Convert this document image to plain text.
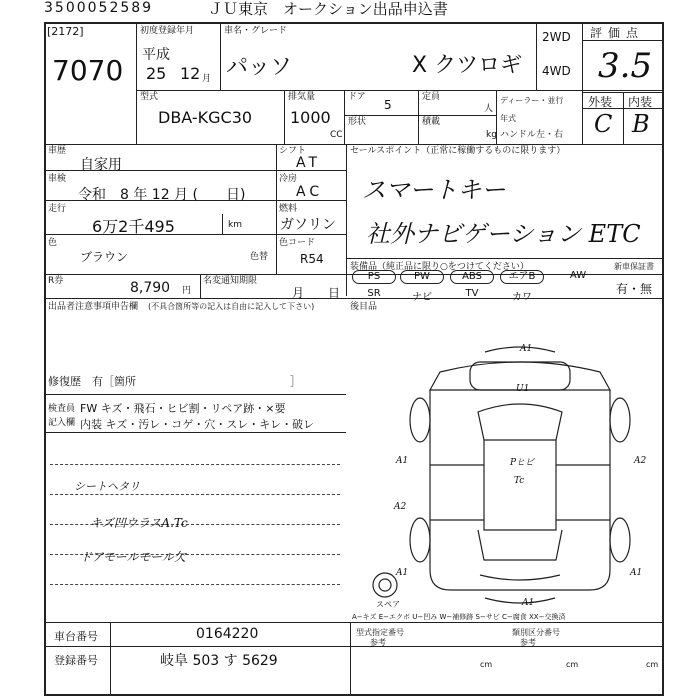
3500052589	ＪＵ東京　オークション出品申込書
[2172]
7070
初度登録年月
平成
25 12 月
車名・グレード
パッソ	X クツロギ
2WD
4WD
評価点
3.5
外装 内装
C B
型式
DBA-KGC30
排気量
1000
CC
ドア
5
定員
人
形状	積載
kg
ディーラー・並行
年式
ハンドル 左・右
車歴
自家用
シフト
AT
車検
令和　8 年 12 月 (　　日)
冷房
AC
走行
6万2千495	km
燃料
ガソリン
色
ブラウン	色替
色コード
R54
R券	8,790 円
名変通知期限
月　　日
セールスポイント（正常に稼働するものに限ります）
スマートキー
社外ナビゲーション ETC
装備品（純正品に限り○をつけてください）	新車保証書
有・無
PS	PW	ABS	エアB	AW
SR	ナビ	TV	カワ
後目品
出品者注意事項申告欄 (不具合箇所等の記入は自由に記入して下さい)
修復歴　有［箇所　　　　　　　　　　　　　　］
検査員
記入欄
FW キズ・飛石・ヒビ割・リペア跡・×要
内装 キズ・汚レ・コゲ・穴・スレ・キレ・破レ
シートヘタリ
キズ凹ウラスA.Tc
ドアモールモール欠
A1
U1
A1	A2
A2
A1	A1
A1
Pヒビ
Tc
スペア
A−キズ E−エクボ U−凹み W−補修跡 S−サビ C−腐食 XX−交換済
車台番号	0164220
登録番号	岐阜 503 す 5629
型式指定番号	類別区分番号
参考	参考
cm	cm	cm
